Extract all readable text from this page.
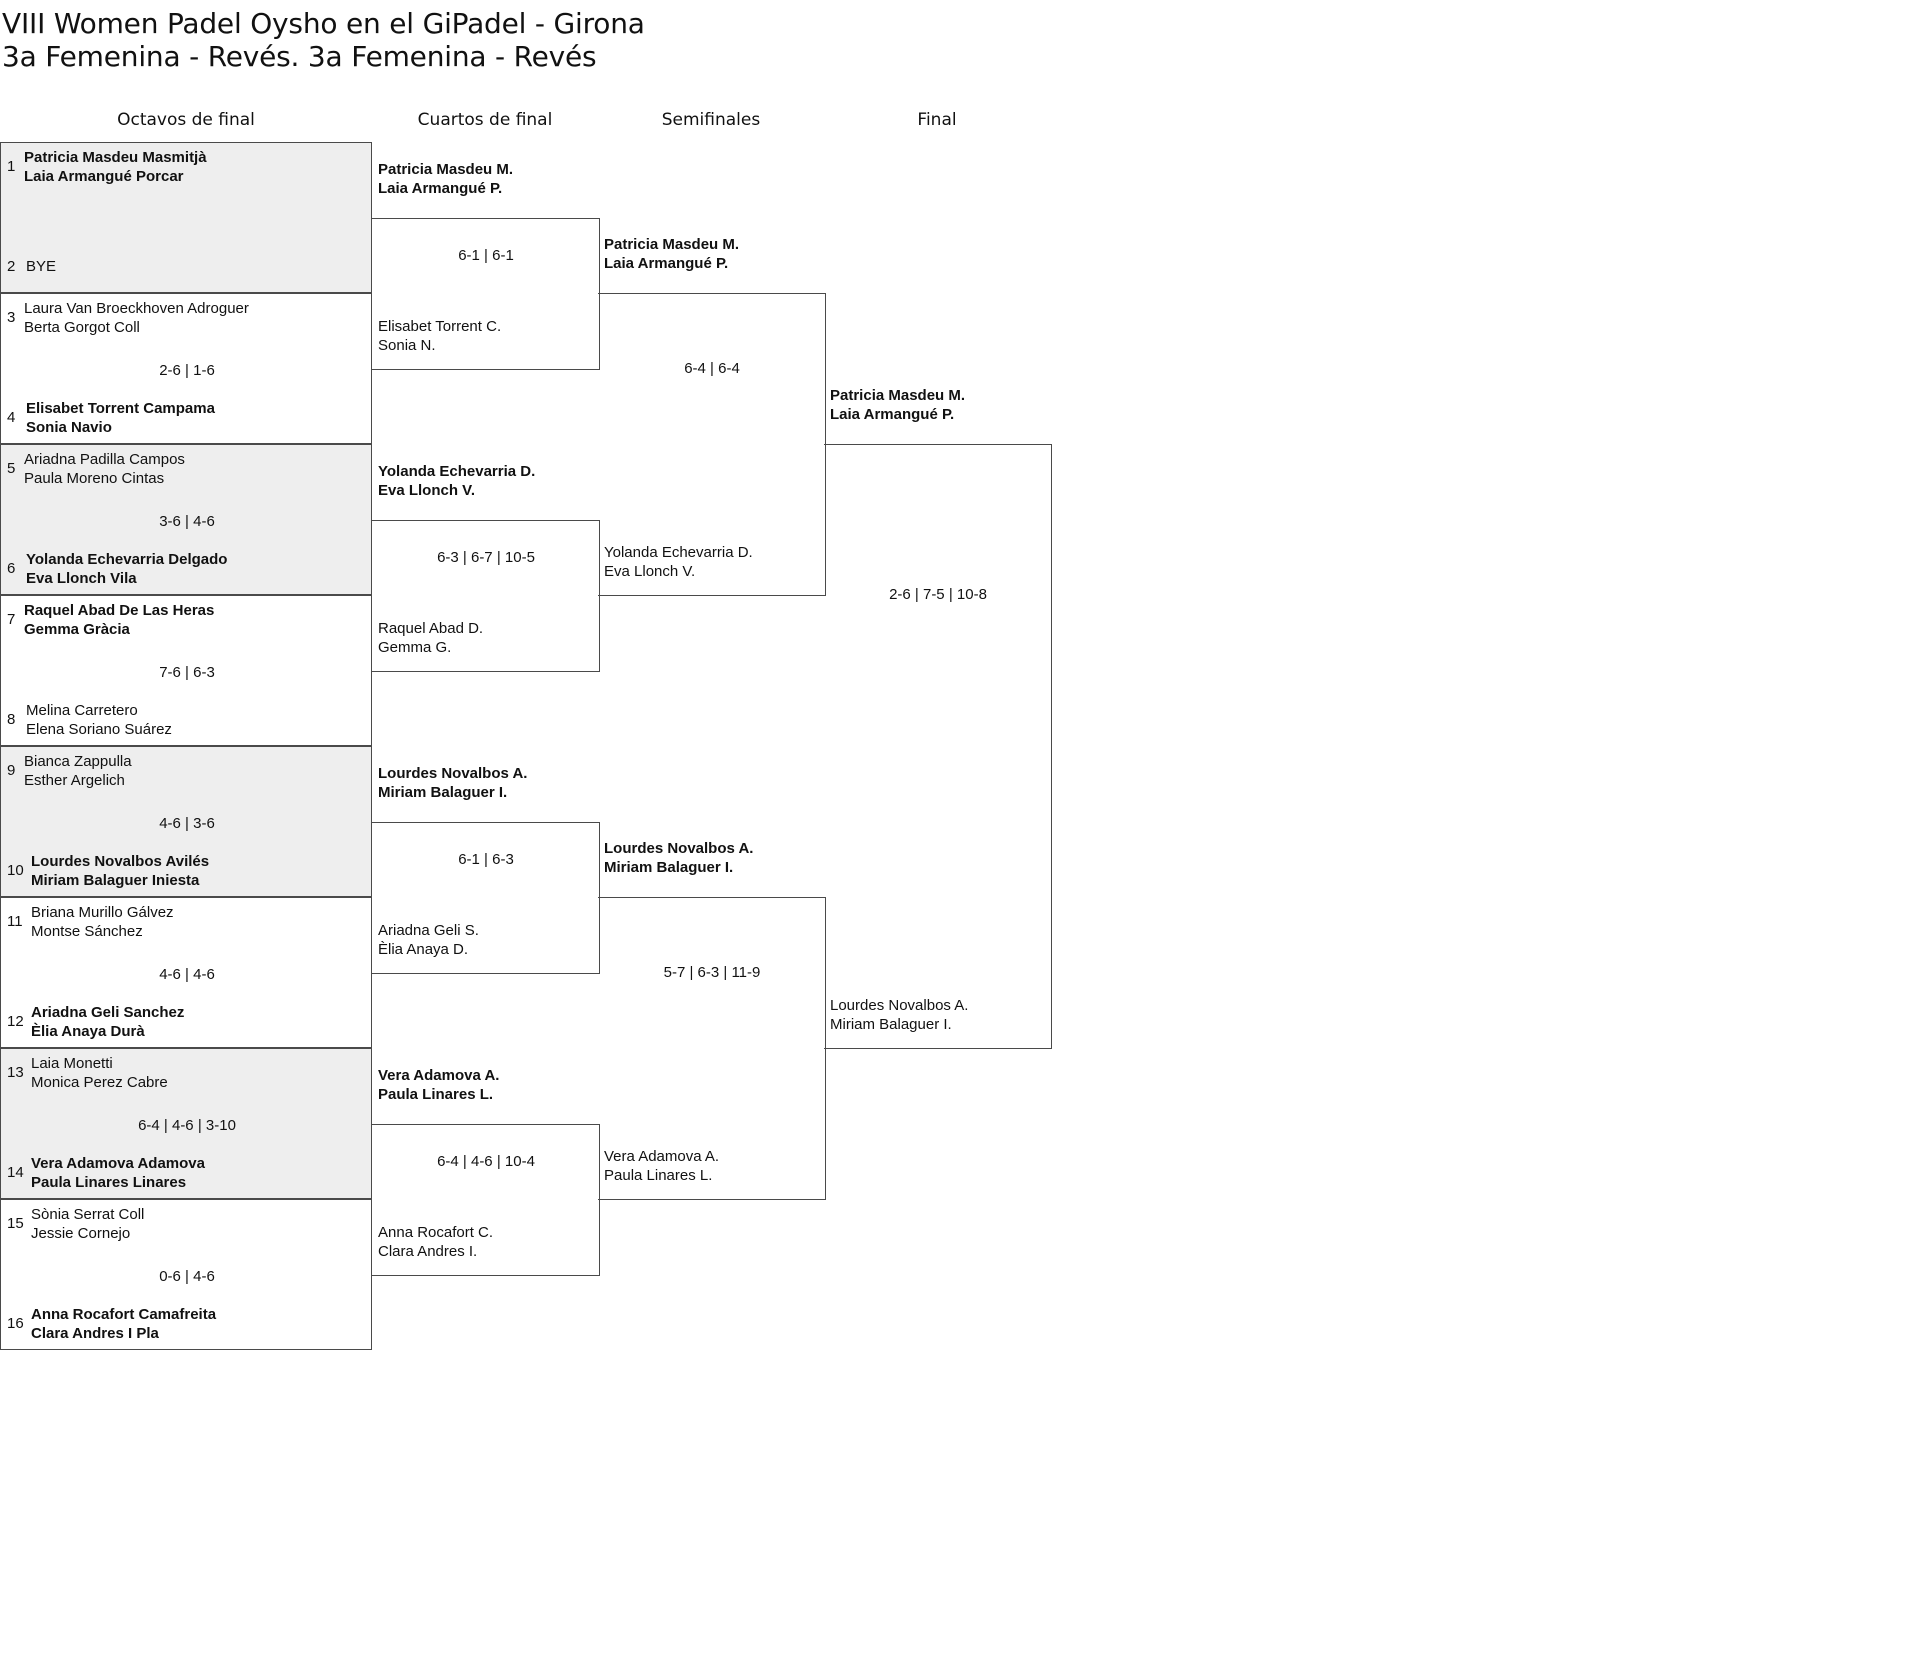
VIII Women Padel Oysho en el GiPadel - Girona
3a Femenina - Revés. 3a Femenina - Revés
Octavos de final	Cuartos de final	Semifinales	Final
1
Patricia Masdeu Masmitjà
Laia Armangué Porcar
2 BYE
3
Laura Van Broeckhoven Adroguer
Berta Gorgot Coll
2-6 | 1-6
4
Elisabet Torrent Campama
Sonia Navio
5
Ariadna Padilla Campos
Paula Moreno Cintas
3-6 | 4-6
6
Yolanda Echevarria Delgado
Eva Llonch Vila
7
Raquel Abad De Las Heras
Gemma Gràcia
7-6 | 6-3
8
Melina Carretero
Elena Soriano Suárez
9
Bianca Zappulla
Esther Argelich
4-6 | 3-6
10
Lourdes Novalbos Avilés
Miriam Balaguer Iniesta
11
Briana Murillo Gálvez
Montse Sánchez
4-6 | 4-6
12
Ariadna Geli Sanchez
Èlia Anaya Durà
13
Laia Monetti
Monica Perez Cabre
6-4 | 4-6 | 3-10
14
Vera Adamova Adamova
Paula Linares Linares
15
Sònia Serrat Coll
Jessie Cornejo
0-6 | 4-6
16
Anna Rocafort Camafreita
Clara Andres I Pla
Patricia Masdeu M.
Laia Armangué P.
6-1 | 6-1
Elisabet Torrent C.
Sonia N.
Yolanda Echevarria D.
Eva Llonch V.
6-3 | 6-7 | 10-5
Raquel Abad D.
Gemma G.
Lourdes Novalbos A.
Miriam Balaguer I.
6-1 | 6-3
Ariadna Geli S.
Èlia Anaya D.
Vera Adamova A.
Paula Linares L.
6-4 | 4-6 | 10-4
Anna Rocafort C.
Clara Andres I.
Patricia Masdeu M.
Laia Armangué P.
6-4 | 6-4
Yolanda Echevarria D.
Eva Llonch V.
Lourdes Novalbos A.
Miriam Balaguer I.
5-7 | 6-3 | 11-9
Vera Adamova A.
Paula Linares L.
Patricia Masdeu M.
Laia Armangué P.
2-6 | 7-5 | 10-8
Lourdes Novalbos A.
Miriam Balaguer I.
